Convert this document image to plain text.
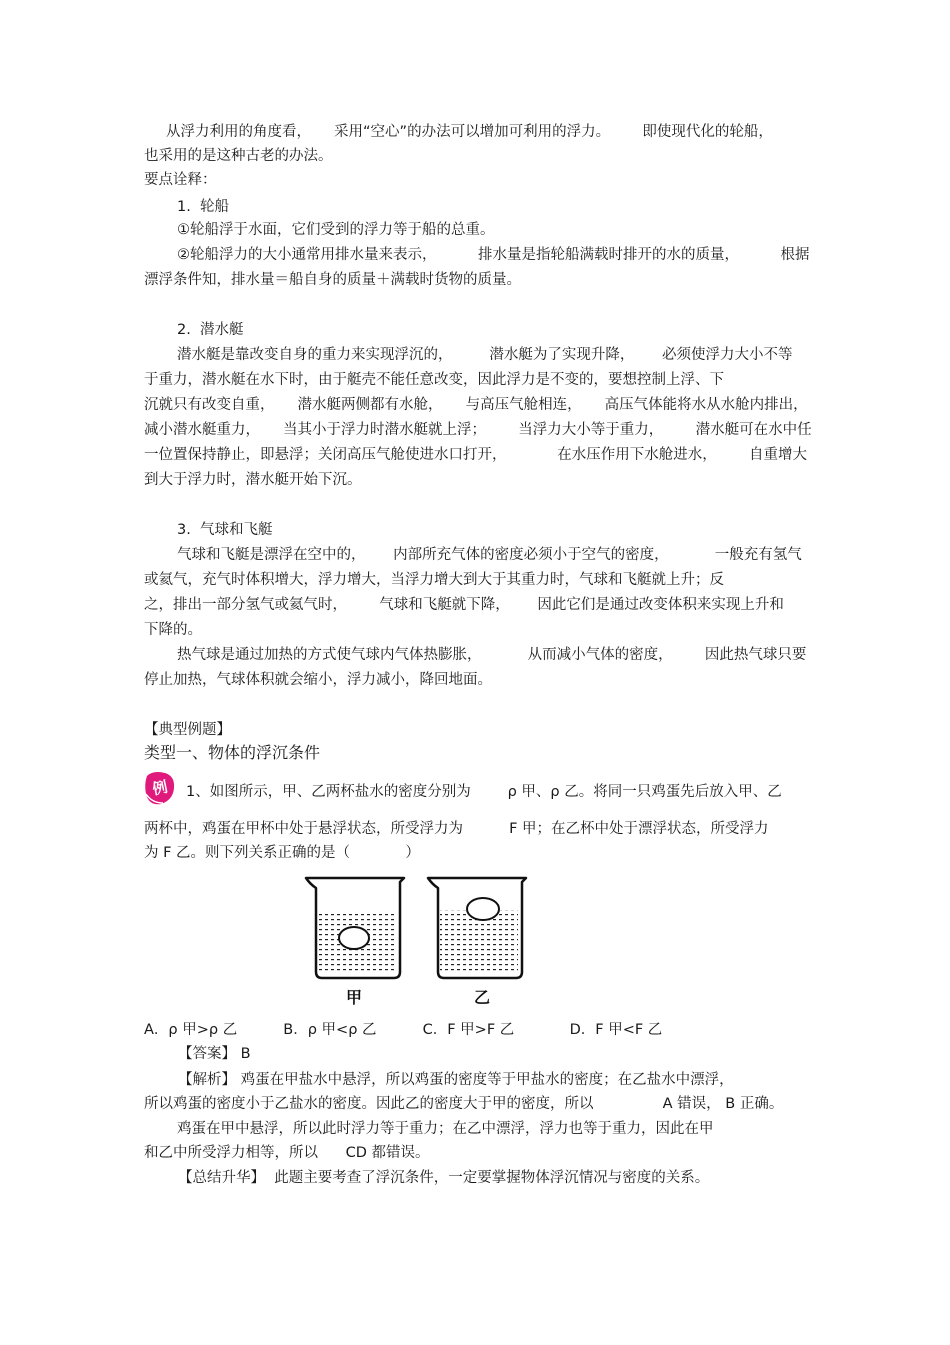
从浮力利用的角度看，     采用“空心”的办法可以增加可利用的浮力。       即使现代化的轮船，
也采用的是这种古老的办法。
要点诠释：
1.  轮船
①轮船浮于水面，它们受到的浮力等于船的总重。
②轮船浮力的大小通常用排水量来表示，         排水量是指轮船满载时排开的水的质量，         根据
漂浮条件知，排水量＝船自身的质量＋满载时货物的质量。
2.  潜水艇
潜水艇是靠改变自身的重力来实现浮沉的，        潜水艇为了实现升降，      必须使浮力大小不等
于重力，潜水艇在水下时，由于艇壳不能任意改变，因此浮力是不变的，要想控制上浮、下
沉就只有改变自重，     潜水艇两侧都有水舱，     与高压气舱相连，     高压气体能将水从水舱内排出，
减小潜水艇重力，     当其小于浮力时潜水艇就上浮；       当浮力大小等于重力，       潜水艇可在水中任
一位置保持静止，即悬浮；关闭高压气舱使进水口打开，           在水压作用下水舱进水，       自重增大
到大于浮力时，潜水艇开始下沉。
3.  气球和飞艇
气球和飞艇是漂浮在空中的，      内部所充气体的密度必须小于空气的密度，          一般充有氢气
或氦气，充气时体积增大，浮力增大，当浮力增大到大于其重力时，气球和飞艇就上升；反
之，排出一部分氢气或氦气时，       气球和飞艇就下降，      因此它们是通过改变体积来实现上升和
下降的。
热气球是通过加热的方式使气球内气体热膨胀，          从而减小气体的密度，       因此热气球只要
停止加热，气球体积就会缩小，浮力减小，降回地面。
【典型例题】
类型一、物体的浮沉条件
例 1、如图所示，甲、乙两杯盐水的密度分别为        ρ 甲、ρ 乙。将同一只鸡蛋先后放入甲、乙
两杯中，鸡蛋在甲杯中处于悬浮状态，所受浮力为          F 甲；在乙杯中处于漂浮状态，所受浮力
为 F 乙。则下列关系正确的是（            ）
甲	乙
A．ρ 甲>ρ 乙          B．ρ 甲<ρ 乙          C．F 甲>F 乙            D．F 甲<F 乙
【答案】 B
【解析】 鸡蛋在甲盐水中悬浮，所以鸡蛋的密度等于甲盐水的密度；在乙盐水中漂浮，
所以鸡蛋的密度小于乙盐水的密度。因此乙的密度大于甲的密度，所以               A 错误， B 正确。
鸡蛋在甲中悬浮，所以此时浮力等于重力；在乙中漂浮，浮力也等于重力，因此在甲
和乙中所受浮力相等，所以      CD 都错误。
【总结升华】  此题主要考查了浮沉条件，一定要掌握物体浮沉情况与密度的关系。
